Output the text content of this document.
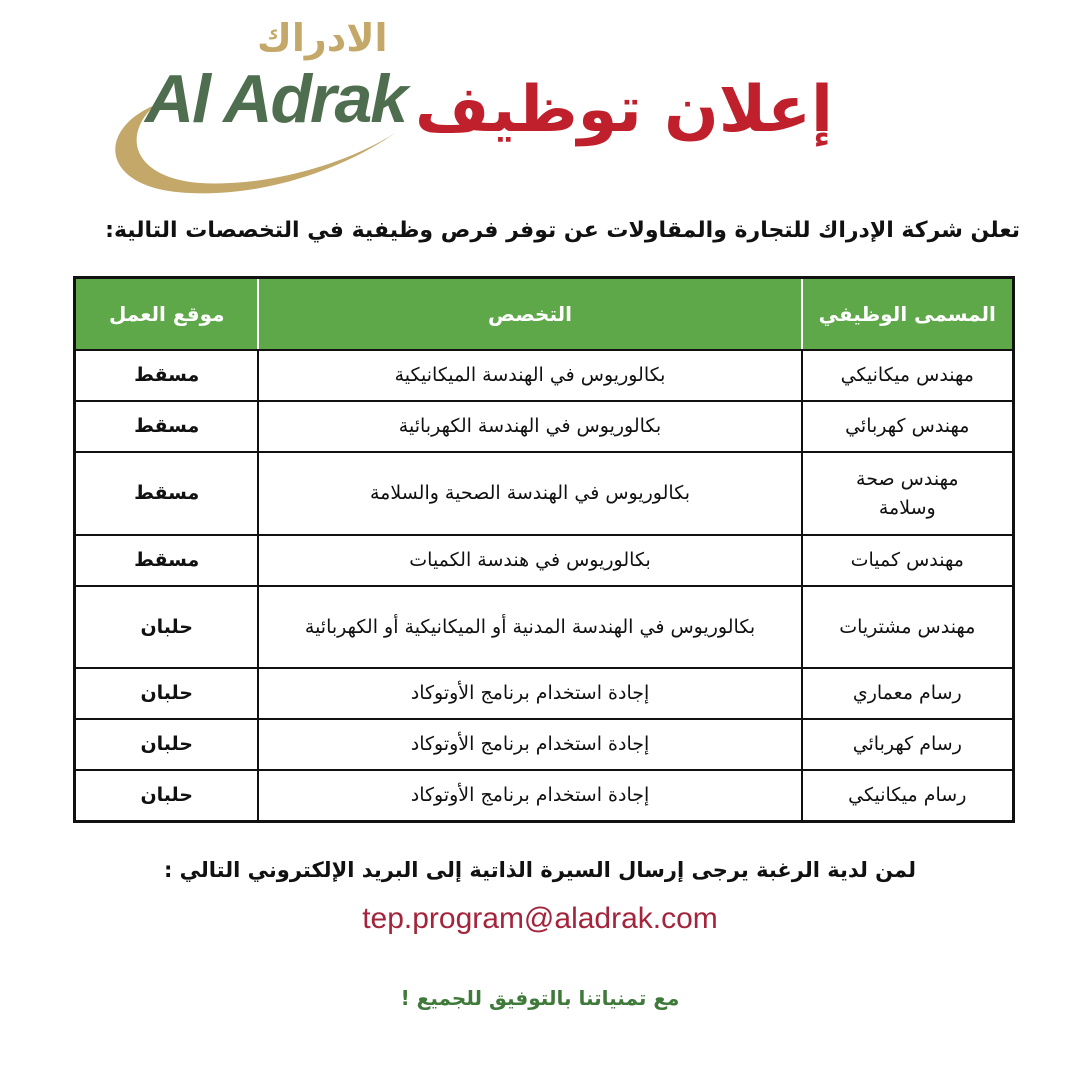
الادراك
Al Adrak إعلان توظيف
تعلن شركة الإدراك للتجارة والمقاولات عن توفر فرص وظيفية في التخصصات التالية:
المسمى الوظيفي	التخصص	موقع العمل
مهندس ميكانيكي	بكالوريوس في الهندسة الميكانيكية	مسقط
مهندس كهربائي	بكالوريوس في الهندسة الكهربائية	مسقط
مهندس صحة وسلامة	بكالوريوس في الهندسة الصحية والسلامة	مسقط
مهندس كميات	بكالوريوس في هندسة الكميات	مسقط
مهندس مشتريات	بكالوريوس في الهندسة المدنية أو الميكانيكية أو الكهربائية	حلبان
رسام معماري	إجادة استخدام برنامج الأوتوكاد	حلبان
رسام كهربائي	إجادة استخدام برنامج الأوتوكاد	حلبان
رسام ميكانيكي	إجادة استخدام برنامج الأوتوكاد	حلبان
لمن لدية الرغبة يرجى إرسال السيرة الذاتية إلى البريد الإلكتروني التالي :
tep.program@aladrak.com
مع تمنياتنا بالتوفيق للجميع !
